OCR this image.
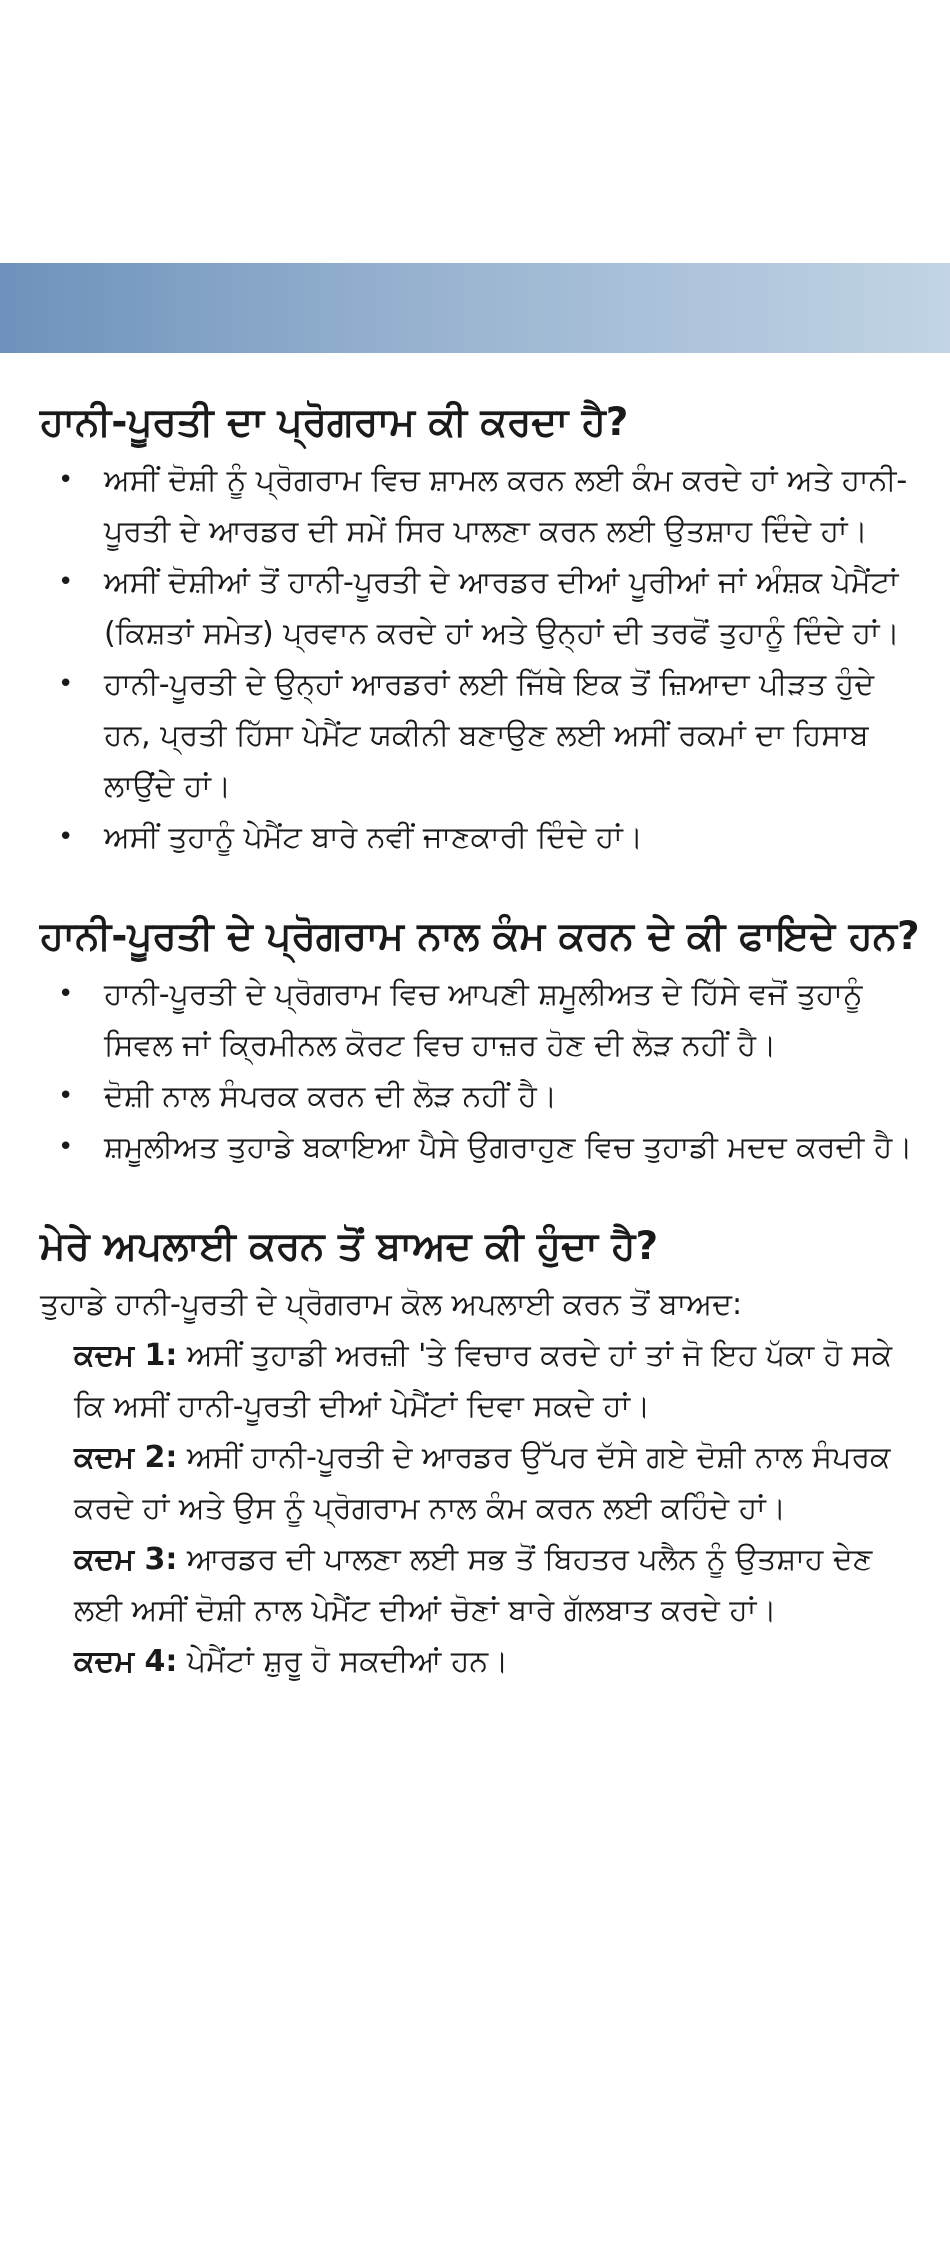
ਹਾਨੀ-ਪੂਰਤੀ ਦਾ ਪ੍ਰੋਗਰਾਮ ਕੀ ਕਰਦਾ ਹੈ?
• ਅਸੀਂ ਦੋਸ਼ੀ ਨੂੰ ਪ੍ਰੋਗਰਾਮ ਵਿਚ ਸ਼ਾਮਲ ਕਰਨ ਲਈ ਕੰਮ ਕਰਦੇ ਹਾਂ ਅਤੇ ਹਾਨੀ-ਪੂਰਤੀ ਦੇ ਆਰਡਰ ਦੀ ਸਮੇਂ ਸਿਰ ਪਾਲਣਾ ਕਰਨ ਲਈ ਉਤਸ਼ਾਹ ਦਿੰਦੇ ਹਾਂ।
• ਅਸੀਂ ਦੋਸ਼ੀਆਂ ਤੋਂ ਹਾਨੀ-ਪੂਰਤੀ ਦੇ ਆਰਡਰ ਦੀਆਂ ਪੂਰੀਆਂ ਜਾਂ ਅੰਸ਼ਕ ਪੇਮੈਂਟਾਂ (ਕਿਸ਼ਤਾਂ ਸਮੇਤ) ਪ੍ਰਵਾਨ ਕਰਦੇ ਹਾਂ ਅਤੇ ਉਨ੍ਹਾਂ ਦੀ ਤਰਫੋਂ ਤੁਹਾਨੂੰ ਦਿੰਦੇ ਹਾਂ।
• ਹਾਨੀ-ਪੂਰਤੀ ਦੇ ਉਨ੍ਹਾਂ ਆਰਡਰਾਂ ਲਈ ਜਿੱਥੇ ਇਕ ਤੋਂ ਜ਼ਿਆਦਾ ਪੀੜਤ ਹੁੰਦੇ ਹਨ, ਪ੍ਰਤੀ ਹਿੱਸਾ ਪੇਮੈਂਟ ਯਕੀਨੀ ਬਣਾਉਣ ਲਈ ਅਸੀਂ ਰਕਮਾਂ ਦਾ ਹਿਸਾਬ ਲਾਉਂਦੇ ਹਾਂ।
• ਅਸੀਂ ਤੁਹਾਨੂੰ ਪੇਮੈਂਟ ਬਾਰੇ ਨਵੀਂ ਜਾਣਕਾਰੀ ਦਿੰਦੇ ਹਾਂ।
ਹਾਨੀ-ਪੂਰਤੀ ਦੇ ਪ੍ਰੋਗਰਾਮ ਨਾਲ ਕੰਮ ਕਰਨ ਦੇ ਕੀ ਫਾਇਦੇ ਹਨ?
• ਹਾਨੀ-ਪੂਰਤੀ ਦੇ ਪ੍ਰੋਗਰਾਮ ਵਿਚ ਆਪਣੀ ਸ਼ਮੂਲੀਅਤ ਦੇ ਹਿੱਸੇ ਵਜੋਂ ਤੁਹਾਨੂੰ ਸਿਵਲ ਜਾਂ ਕ੍ਰਿਮੀਨਲ ਕੋਰਟ ਵਿਚ ਹਾਜ਼ਰ ਹੋਣ ਦੀ ਲੋੜ ਨਹੀਂ ਹੈ।
• ਦੋਸ਼ੀ ਨਾਲ ਸੰਪਰਕ ਕਰਨ ਦੀ ਲੋੜ ਨਹੀਂ ਹੈ।
• ਸ਼ਮੂਲੀਅਤ ਤੁਹਾਡੇ ਬਕਾਇਆ ਪੈਸੇ ਉਗਰਾਹੁਣ ਵਿਚ ਤੁਹਾਡੀ ਮਦਦ ਕਰਦੀ ਹੈ।
ਮੇਰੇ ਅਪਲਾਈ ਕਰਨ ਤੋਂ ਬਾਅਦ ਕੀ ਹੁੰਦਾ ਹੈ?

ਤੁਹਾਡੇ ਹਾਨੀ-ਪੂਰਤੀ ਦੇ ਪ੍ਰੋਗਰਾਮ ਕੋਲ ਅਪਲਾਈ ਕਰਨ ਤੋਂ ਬਾਅਦ:

ਕਦਮ 1: ਅਸੀਂ ਤੁਹਾਡੀ ਅਰਜ਼ੀ 'ਤੇ ਵਿਚਾਰ ਕਰਦੇ ਹਾਂ ਤਾਂ ਜੋ ਇਹ ਪੱਕਾ ਹੋ ਸਕੇ ਕਿ ਅਸੀਂ ਹਾਨੀ-ਪੂਰਤੀ ਦੀਆਂ ਪੇਮੈਂਟਾਂ ਦਿਵਾ ਸਕਦੇ ਹਾਂ।

ਕਦਮ 2: ਅਸੀਂ ਹਾਨੀ-ਪੂਰਤੀ ਦੇ ਆਰਡਰ ਉੱਪਰ ਦੱਸੇ ਗਏ ਦੋਸ਼ੀ ਨਾਲ ਸੰਪਰਕ ਕਰਦੇ ਹਾਂ ਅਤੇ ਉਸ ਨੂੰ ਪ੍ਰੋਗਰਾਮ ਨਾਲ ਕੰਮ ਕਰਨ ਲਈ ਕਹਿੰਦੇ ਹਾਂ।

ਕਦਮ 3: ਆਰਡਰ ਦੀ ਪਾਲਣਾ ਲਈ ਸਭ ਤੋਂ ਬਿਹਤਰ ਪਲੈਨ ਨੂੰ ਉਤਸ਼ਾਹ ਦੇਣ ਲਈ ਅਸੀਂ ਦੋਸ਼ੀ ਨਾਲ ਪੇਮੈਂਟ ਦੀਆਂ ਚੋਣਾਂ ਬਾਰੇ ਗੱਲਬਾਤ ਕਰਦੇ ਹਾਂ।

ਕਦਮ 4: ਪੇਮੈਂਟਾਂ ਸ਼ੁਰੂ ਹੋ ਸਕਦੀਆਂ ਹਨ।
